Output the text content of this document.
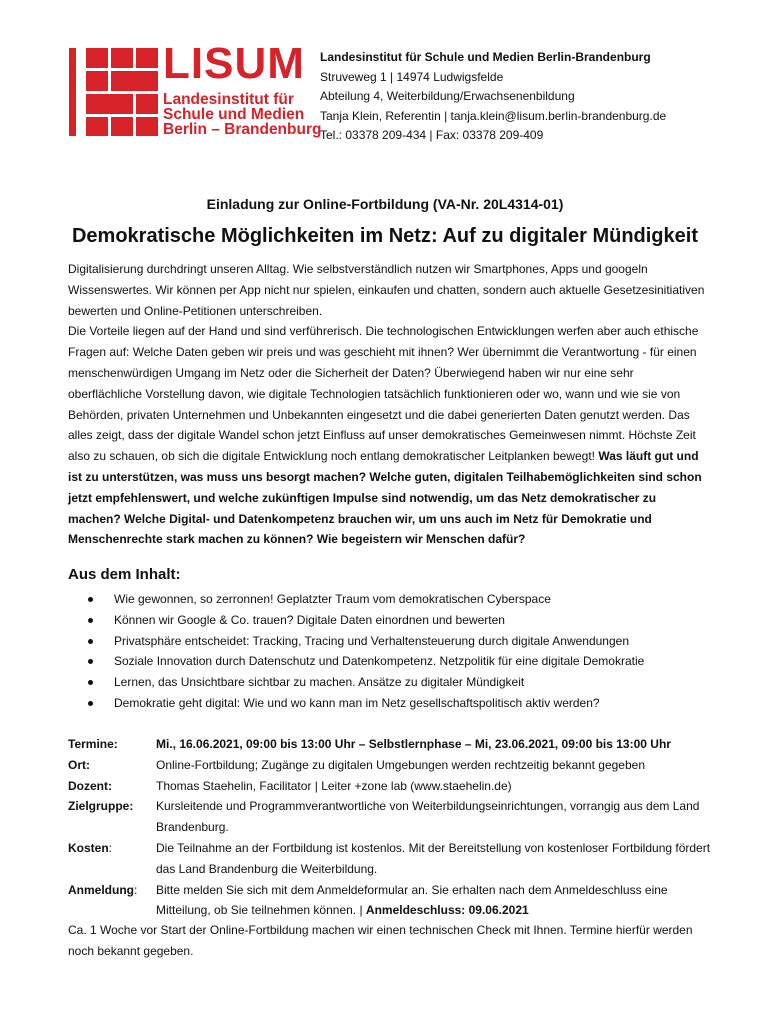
LISUM
Landesinstitut für
Schule und Medien
Berlin – Brandenburg
Landesinstitut für Schule und Medien Berlin-Brandenburg
Struveweg 1 | 14974 Ludwigsfelde
Abteilung 4, Weiterbildung/Erwachsenenbildung
Tanja Klein, Referentin | tanja.klein@lisum.berlin-brandenburg.de
Tel.: 03378 209-434 | Fax: 03378 209-409
Einladung zur Online-Fortbildung (VA-Nr. 20L4314-01)
Demokratische Möglichkeiten im Netz: Auf zu digitaler Mündigkeit

Digitalisierung durchdringt unseren Alltag. Wie selbstverständlich nutzen wir Smartphones, Apps und googeln Wissenswertes. Wir können per App nicht nur spielen, einkaufen und chatten, sondern auch aktuelle Gesetzesinitiativen bewerten und Online-Petitionen unterschreiben.

Die Vorteile liegen auf der Hand und sind verführerisch. Die technologischen Entwicklungen werfen aber auch ethische Fragen auf: Welche Daten geben wir preis und was geschieht mit ihnen? Wer übernimmt die Verantwortung - für einen menschenwürdigen Umgang im Netz oder die Sicherheit der Daten? Überwiegend haben wir nur eine sehr oberflächliche Vorstellung davon, wie digitale Technologien tatsächlich funktionieren oder wo, wann und wie sie von Behörden, privaten Unternehmen und Unbekannten eingesetzt und die dabei generierten Daten genutzt werden. Das alles zeigt, dass der digitale Wandel schon jetzt Einfluss auf unser demokratisches Gemeinwesen nimmt. Höchste Zeit also zu schauen, ob sich die digitale Entwicklung noch entlang demokratischer Leitplanken bewegt! Was läuft gut und ist zu unterstützen, was muss uns besorgt machen? Welche guten, digitalen Teilhabemöglichkeiten sind schon jetzt empfehlenswert, und welche zukünftigen Impulse sind notwendig, um das Netz demokratischer zu machen? Welche Digital- und Datenkompetenz brauchen wir, um uns auch im Netz für Demokratie und Menschenrechte stark machen zu können? Wie begeistern wir Menschen dafür?

Aus dem Inhalt:
Wie gewonnen, so zerronnen! Geplatzter Traum vom demokratischen Cyberspace
Können wir Google & Co. trauen? Digitale Daten einordnen und bewerten
Privatsphäre entscheidet: Tracking, Tracing und Verhaltensteuerung durch digitale Anwendungen
Soziale Innovation durch Datenschutz und Datenkompetenz. Netzpolitik für eine digitale Demokratie
Lernen, das Unsichtbare sichtbar zu machen. Ansätze zu digitaler Mündigkeit
Demokratie geht digital: Wie und wo kann man im Netz gesellschaftspolitisch aktiv werden?
Termine:	Mi., 16.06.2021, 09:00 bis 13:00 Uhr – Selbstlernphase – Mi, 23.06.2021, 09:00 bis 13:00 Uhr
Ort:	Online-Fortbildung; Zugänge zu digitalen Umgebungen werden rechtzeitig bekannt gegeben
Dozent:	Thomas Staehelin, Facilitator | Leiter +zone lab (www.staehelin.de)
Zielgruppe:	Kursleitende und Programmverantwortliche von Weiterbildungseinrichtungen, vorrangig aus dem Land Brandenburg.
Kosten:	Die Teilnahme an der Fortbildung ist kostenlos. Mit der Bereitstellung von kostenloser Fortbildung fördert das Land Brandenburg die Weiterbildung.
Anmeldung:	Bitte melden Sie sich mit dem Anmeldeformular an. Sie erhalten nach dem Anmeldeschluss eine Mitteilung, ob Sie teilnehmen können. | Anmeldeschluss: 09.06.2021
Ca. 1 Woche vor Start der Online-Fortbildung machen wir einen technischen Check mit Ihnen. Termine hierfür werden noch bekannt gegeben.
